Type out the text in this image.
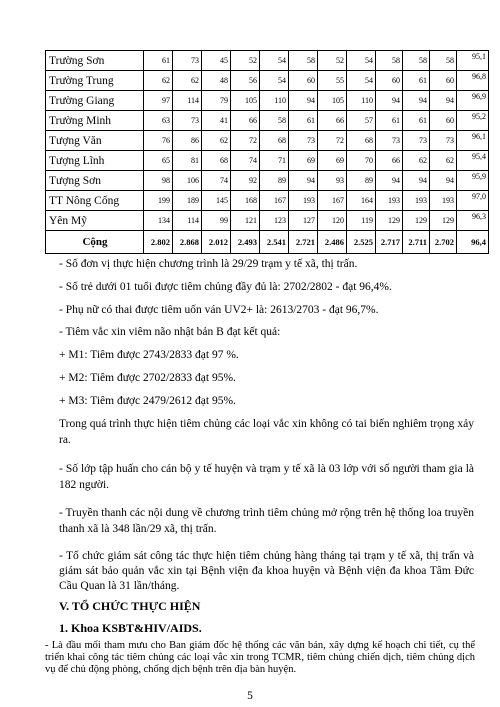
Trường Sơn	61	73	45	52	54	58	52	54	58	58	58	95,1
Trường Trung	62	62	48	56	54	60	55	54	60	61	60	96,8
Trường Giang	97	114	79	105	110	94	105	110	94	94	94	96,9
Trường Minh	63	73	41	66	58	61	66	57	61	61	60	95,2
Tượng Văn	76	86	62	72	68	73	72	68	73	73	73	96,1
Tượng Lĩnh	65	81	68	74	71	69	69	70	66	62	62	95,4
Tượng Sơn	98	106	74	92	89	94	93	89	94	94	94	95,9
TT Nông Cống	199	189	145	168	167	193	167	164	193	193	193	97,0
Yên Mỹ	134	114	99	121	123	127	120	119	129	129	129	96,3
Cộng	2.802	2.868	2.012	2.493	2.541	2.721	2.486	2.525	2.717	2.711	2.702	96,4
- Số đơn vị thực hiện chương trình là 29/29 trạm y tế xã, thị trấn.
- Số trẻ dưới 01 tuổi được tiêm chủng đầy đủ là: 2702/2802 - đạt 96,4%.
- Phụ nữ có thai được tiêm uốn ván UV2+ là: 2613/2703 - đạt 96,7%.
- Tiêm vắc xin viêm não nhật bản B đạt kết quả:
+ M1: Tiêm được 2743/2833 đạt 97 %.
+ M2: Tiêm được 2702/2833 đạt 95%.
+ M3: Tiêm được 2479/2612 đạt 95%.
Trong quá trình thực hiện tiêm chủng các loại vắc xin không có tai biến nghiêm trọng xảy ra.
- Số lớp tập huấn cho cán bộ y tế huyện và trạm y tế xã là 03 lớp với số người tham gia là 182 người.
- Truyền thanh các nội dung về chương trình tiêm chủng mở rộng trên hệ thống loa truyền thanh xã là 348 lần/29 xã, thị trấn.
- Tổ chức giám sát công tác thực hiện tiêm chủng hàng tháng tại trạm y tế xã, thị trấn và giám sát bảo quản vắc xin tại Bệnh viện đa khoa huyện và Bệnh viện đa khoa Tâm Đức Cầu Quan là 31 lần/tháng.
V. TỔ CHỨC THỰC HIỆN
1. Khoa KSBT&HIV/AIDS.
- Là đầu mối tham mưu cho Ban giám đốc hệ thống các văn bản, xây dựng kế hoạch chi tiết, cụ thể triển khai công tác tiêm chủng các loại vắc xin trong TCMR, tiêm chủng chiến dịch, tiêm chủng dịch vụ để chủ động phòng, chống dịch bệnh trên địa bàn huyện.
5
